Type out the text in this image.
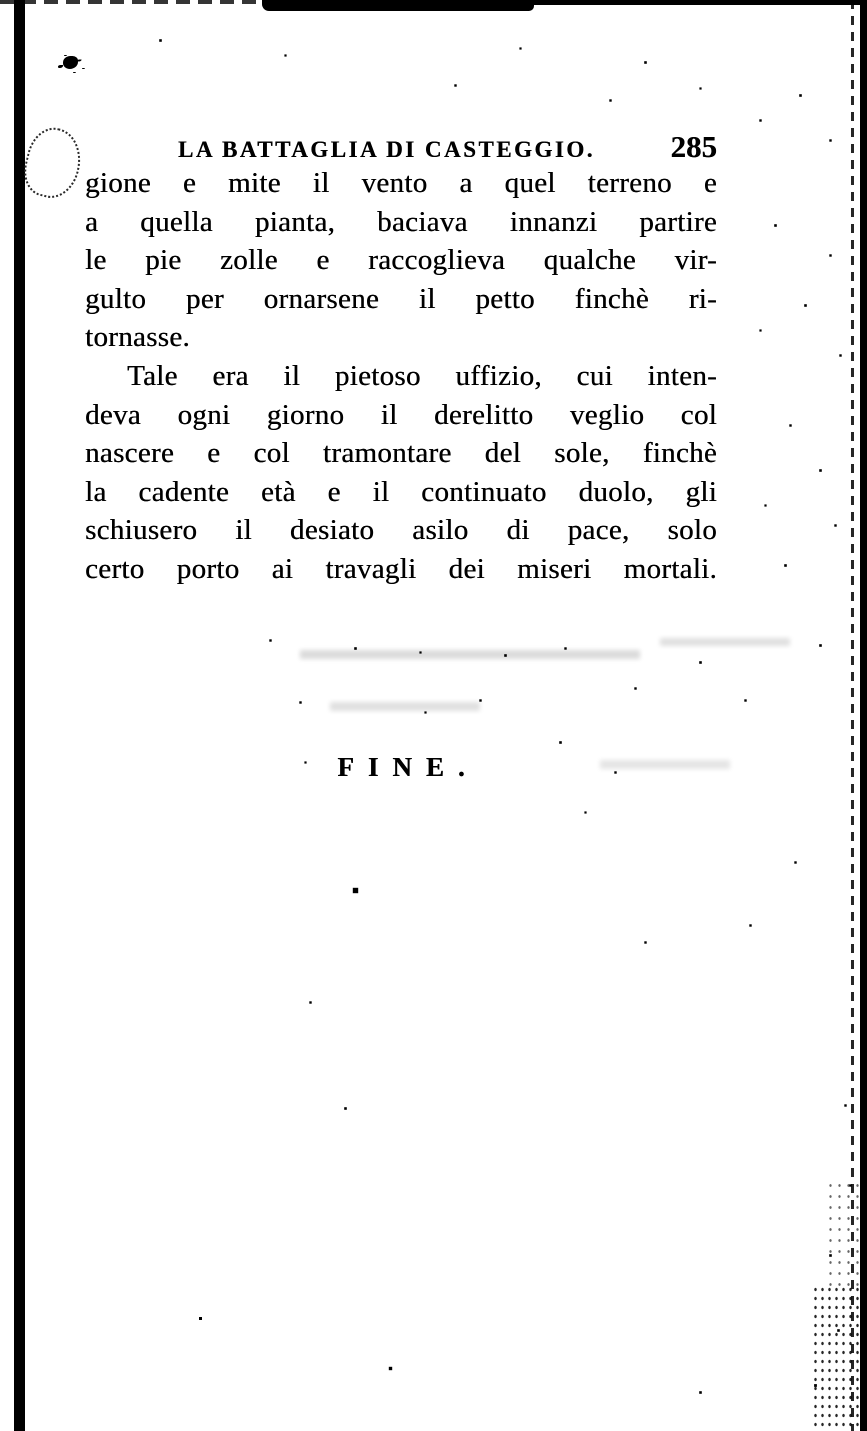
LA BATTAGLIA DI CASTEGGIO. 285
gione e mite il vento a quel terreno e
a quella pianta, baciava innanzi partire
le pie zolle e raccoglieva qualche vir-
gulto per ornarsene il petto finchè ri-
tornasse.
Tale era il pietoso uffizio, cui inten-
deva ogni giorno il derelitto veglio col
nascere e col tramontare del sole, finchè
la cadente età e il continuato duolo, gli
schiusero il desiato asilo di pace, solo
certo porto ai travagli dei miseri mortali.
FINE.
